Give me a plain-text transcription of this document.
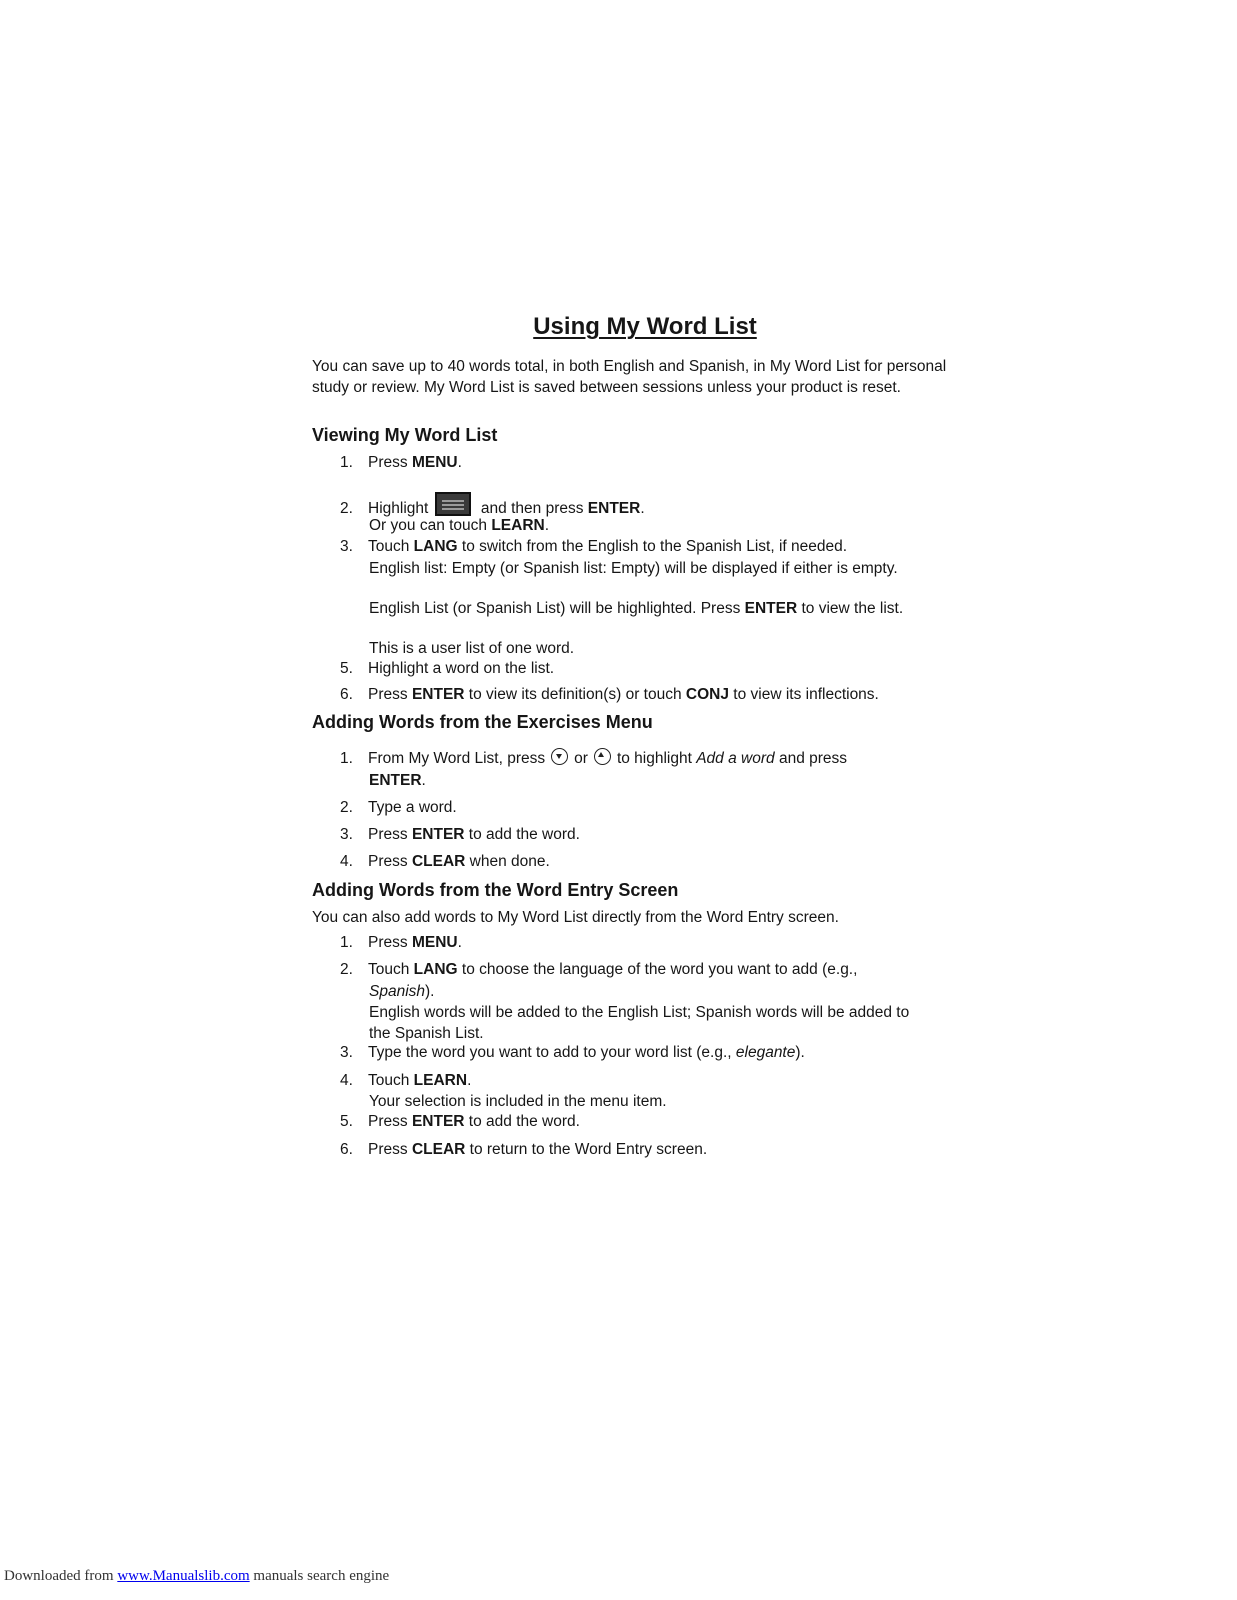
Using My Word List

You can save up to 40 words total, in both English and Spanish, in My Word List for personal study or review. My Word List is saved between sessions unless your product is reset.

Viewing My Word List
1. Press MENU.
2. Highlight	and then press ENTER.
Or you can touch LEARN.
3. Touch LANG to switch from the English to the Spanish List, if needed.
English list: Empty (or Spanish list: Empty) will be displayed if either is empty.
English List (or Spanish List) will be highlighted. Press ENTER to view the list.
This is a user list of one word.
5. Highlight a word on the list.
6. Press ENTER to view its definition(s) or touch CONJ to view its inflections.
Adding Words from the Exercises Menu
1. From My Word List, press or to highlight Add a word and press
ENTER.
2. Type a word.
3. Press ENTER to add the word.
4. Press CLEAR when done.
Adding Words from the Word Entry Screen
You can also add words to My Word List directly from the Word Entry screen.
1. Press MENU.
2. Touch LANG to choose the language of the word you want to add (e.g.,
Spanish).
English words will be added to the English List; Spanish words will be added to the Spanish List.
3. Type the word you want to add to your word list (e.g., elegante).
4. Touch LEARN.
Your selection is included in the menu item.
5. Press ENTER to add the word.
6. Press CLEAR to return to the Word Entry screen.
Downloaded from www.Manualslib.com manuals search engine
